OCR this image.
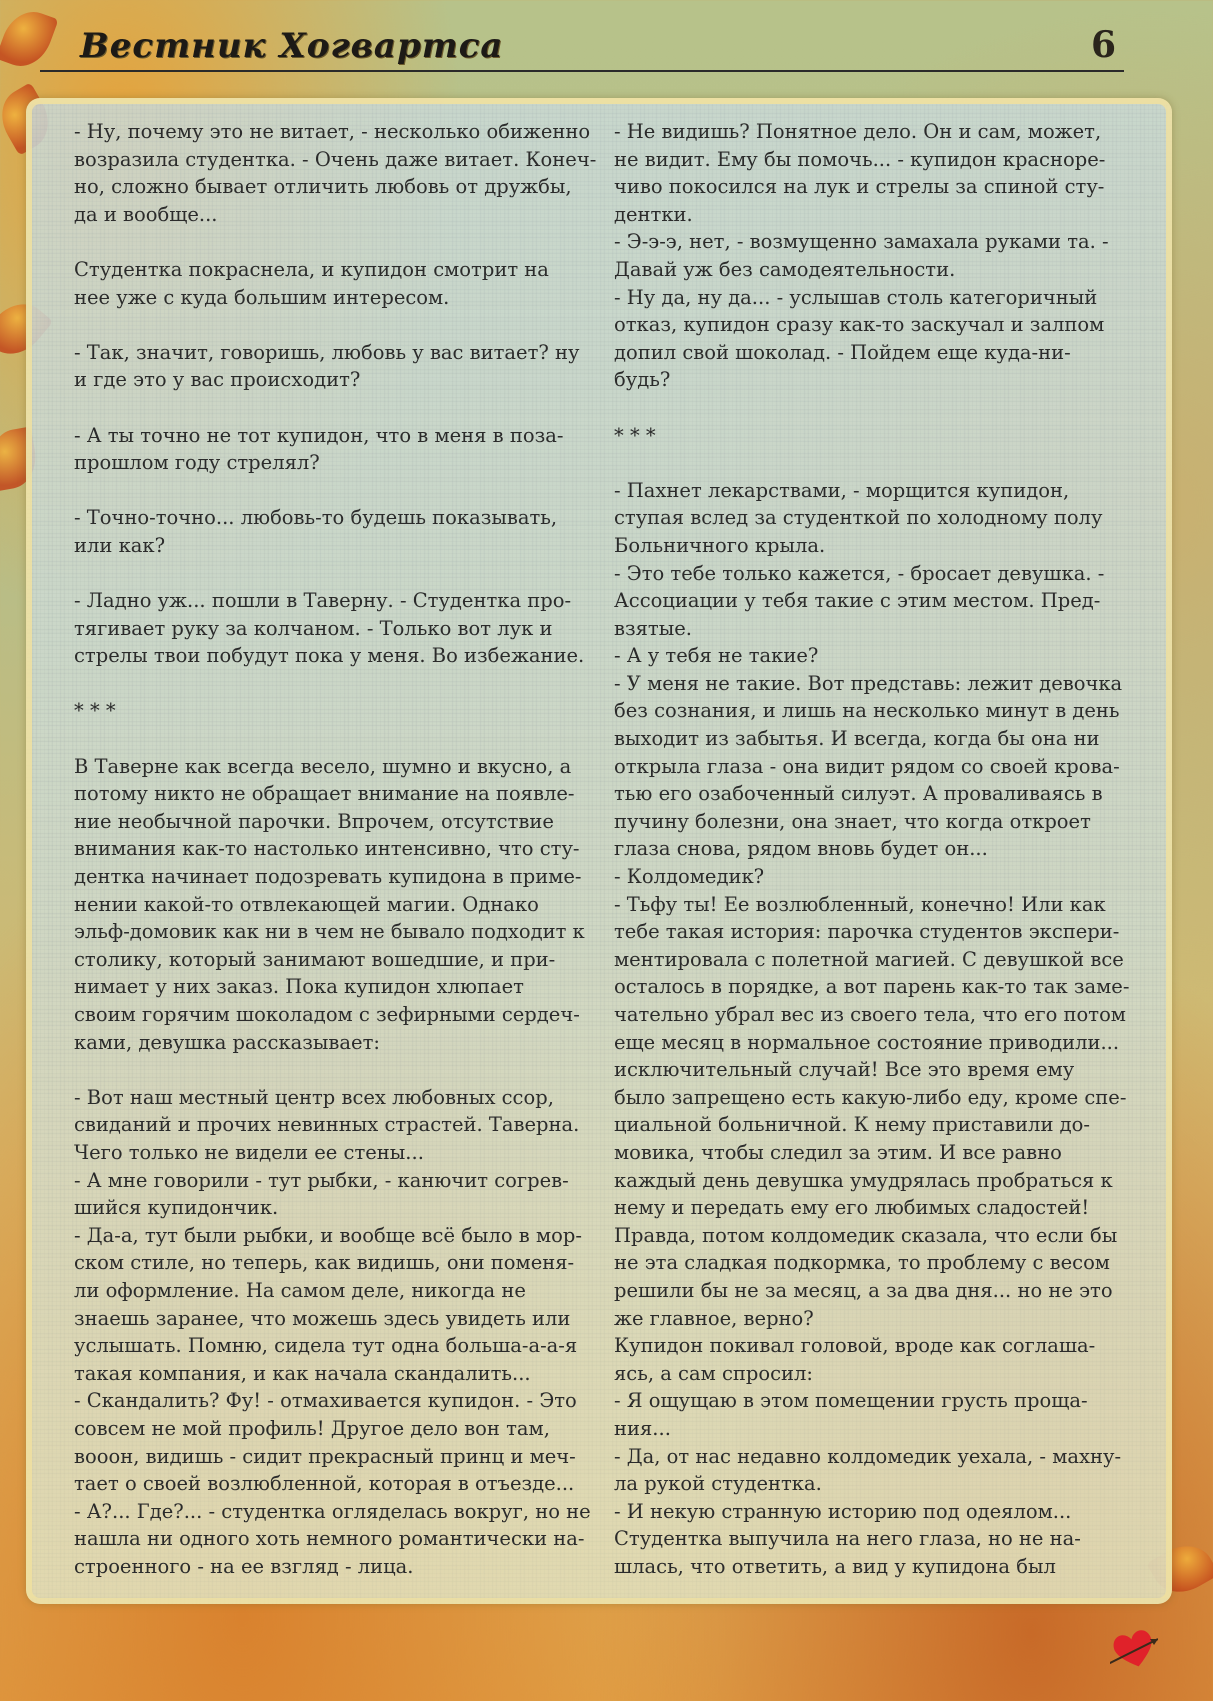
Вестник Хогвартса	6

- Ну, почему это не витает, - несколько обиженно

возразила студентка. - Очень даже витает. Конеч-

но, сложно бывает отличить любовь от дружбы,

да и вообще...

Студентка покраснела, и купидон смотрит на

нее уже с куда большим интересом.

- Так, значит, говоришь, любовь у вас витает? ну

и где это у вас происходит?

- А ты точно не тот купидон, что в меня в поза-

прошлом году стрелял?

- Точно-точно... любовь-то будешь показывать,

или как?

- Ладно уж... пошли в Таверну. - Студентка про-

тягивает руку за колчаном. - Только вот лук и

стрелы твои побудут пока у меня. Во избежание.

* * *

В Таверне как всегда весело, шумно и вкусно, а

потому никто не обращает внимание на появле-

ние необычной парочки. Впрочем, отсутствие

внимания как-то настолько интенсивно, что сту-

дентка начинает подозревать купидона в приме-

нении какой-то отвлекающей магии. Однако

эльф-домовик как ни в чем не бывало подходит к

столику, который занимают вошедшие, и при-

нимает у них заказ. Пока купидон хлюпает

своим горячим шоколадом с зефирными сердеч-

ками, девушка рассказывает:

- Вот наш местный центр всех любовных ссор,

свиданий и прочих невинных страстей. Таверна.

Чего только не видели ее стены...

- А мне говорили - тут рыбки, - канючит согрев-

шийся купидончик.

- Да-а, тут были рыбки, и вообще всё было в мор-

ском стиле, но теперь, как видишь, они поменя-

ли оформление. На самом деле, никогда не

знаешь заранее, что можешь здесь увидеть или

услышать. Помню, сидела тут одна больша-а-а-я

такая компания, и как начала скандалить...

- Скандалить? Фу! - отмахивается купидон. - Это

совсем не мой профиль! Другое дело вон там,

вооон, видишь - сидит прекрасный принц и меч-

тает о своей возлюбленной, которая в отъезде...

- А?... Где?... - студентка огляделась вокруг, но не

нашла ни одного хоть немного романтически на-

строенного - на ее взгляд - лица.

- Не видишь? Понятное дело. Он и сам, может,

не видит. Ему бы помочь... - купидон красноре-

чиво покосился на лук и стрелы за спиной сту-

дентки.

- Э-э-э, нет, - возмущенно замахала руками та. -

Давай уж без самодеятельности.

- Ну да, ну да... - услышав столь категоричный

отказ, купидон сразу как-то заскучал и залпом

допил свой шоколад. - Пойдем еще куда-ни-

будь?

* * *

- Пахнет лекарствами, - морщится купидон,

ступая вслед за студенткой по холодному полу

Больничного крыла.

- Это тебе только кажется, - бросает девушка. -

Ассоциации у тебя такие с этим местом. Пред-

взятые.

- А у тебя не такие?

- У меня не такие. Вот представь: лежит девочка

без сознания, и лишь на несколько минут в день

выходит из забытья. И всегда, когда бы она ни

открыла глаза - она видит рядом со своей крова-

тью его озабоченный силуэт. А проваливаясь в

пучину болезни, она знает, что когда откроет

глаза снова, рядом вновь будет он...

- Колдомедик?

- Тьфу ты! Ее возлюбленный, конечно! Или как

тебе такая история: парочка студентов экспери-

ментировала с полетной магией. С девушкой все

осталось в порядке, а вот парень как-то так заме-

чательно убрал вес из своего тела, что его потом

еще месяц в нормальное состояние приводили...

исключительный случай! Все это время ему

было запрещено есть какую-либо еду, кроме спе-

циальной больничной. К нему приставили до-

мовика, чтобы следил за этим. И все равно

каждый день девушка умудрялась пробраться к

нему и передать ему его любимых сладостей!

Правда, потом колдомедик сказала, что если бы

не эта сладкая подкормка, то проблему с весом

решили бы не за месяц, а за два дня... но не это

же главное, верно?

Купидон покивал головой, вроде как соглаша-

ясь, а сам спросил:

- Я ощущаю в этом помещении грусть проща-

ния...

- Да, от нас недавно колдомедик уехала, - махну-

ла рукой студентка.

- И некую странную историю под одеялом...

Студентка выпучила на него глаза, но не на-

шлась, что ответить, а вид у купидона был
